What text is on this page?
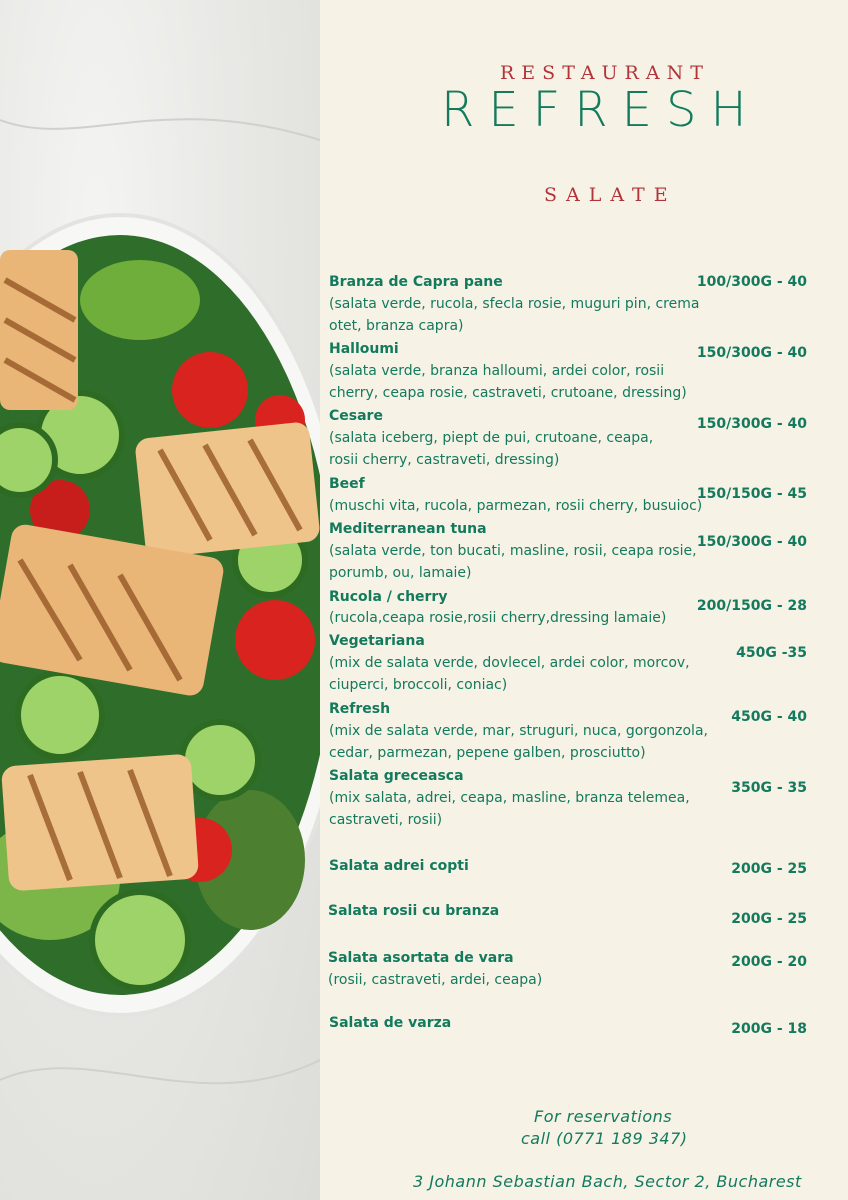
RESTAURANT
REFRESH
SALATE
Branza de Capra pane
(salata verde, rucola, sfecla rosie, muguri pin, crema
otet, branza capra)
100/300G - 40
Halloumi
(salata verde, branza halloumi, ardei color, rosii
cherry, ceapa rosie, castraveti, crutoane, dressing)
150/300G - 40
Cesare
(salata iceberg, piept de pui, crutoane, ceapa,
rosii cherry, castraveti, dressing)
150/300G - 40
Beef
(muschi vita, rucola, parmezan, rosii cherry, busuioc)
150/150G - 45
Mediterranean tuna
(salata verde, ton bucati, masline, rosii, ceapa rosie,
porumb, ou, lamaie)
150/300G - 40
Rucola / cherry
(rucola,ceapa rosie,rosii cherry,dressing lamaie)
200/150G - 28
Vegetariana
(mix de salata verde, dovlecel, ardei color, morcov,
ciuperci, broccoli, coniac)
450G -35
Refresh
(mix de salata verde, mar, struguri, nuca, gorgonzola,
cedar, parmezan, pepene galben, prosciutto)
450G - 40
Salata greceasca
(mix salata, adrei, ceapa, masline, branza telemea,
castraveti, rosii)
350G - 35
Salata adrei copti	200G - 25
Salata rosii cu branza	200G - 25
Salata asortata de vara
(rosii, castraveti, ardei, ceapa)
200G - 20
Salata de varza	200G - 18
For reservations
call (0771 189 347)
3 Johann Sebastian Bach, Sector 2, Bucharest
